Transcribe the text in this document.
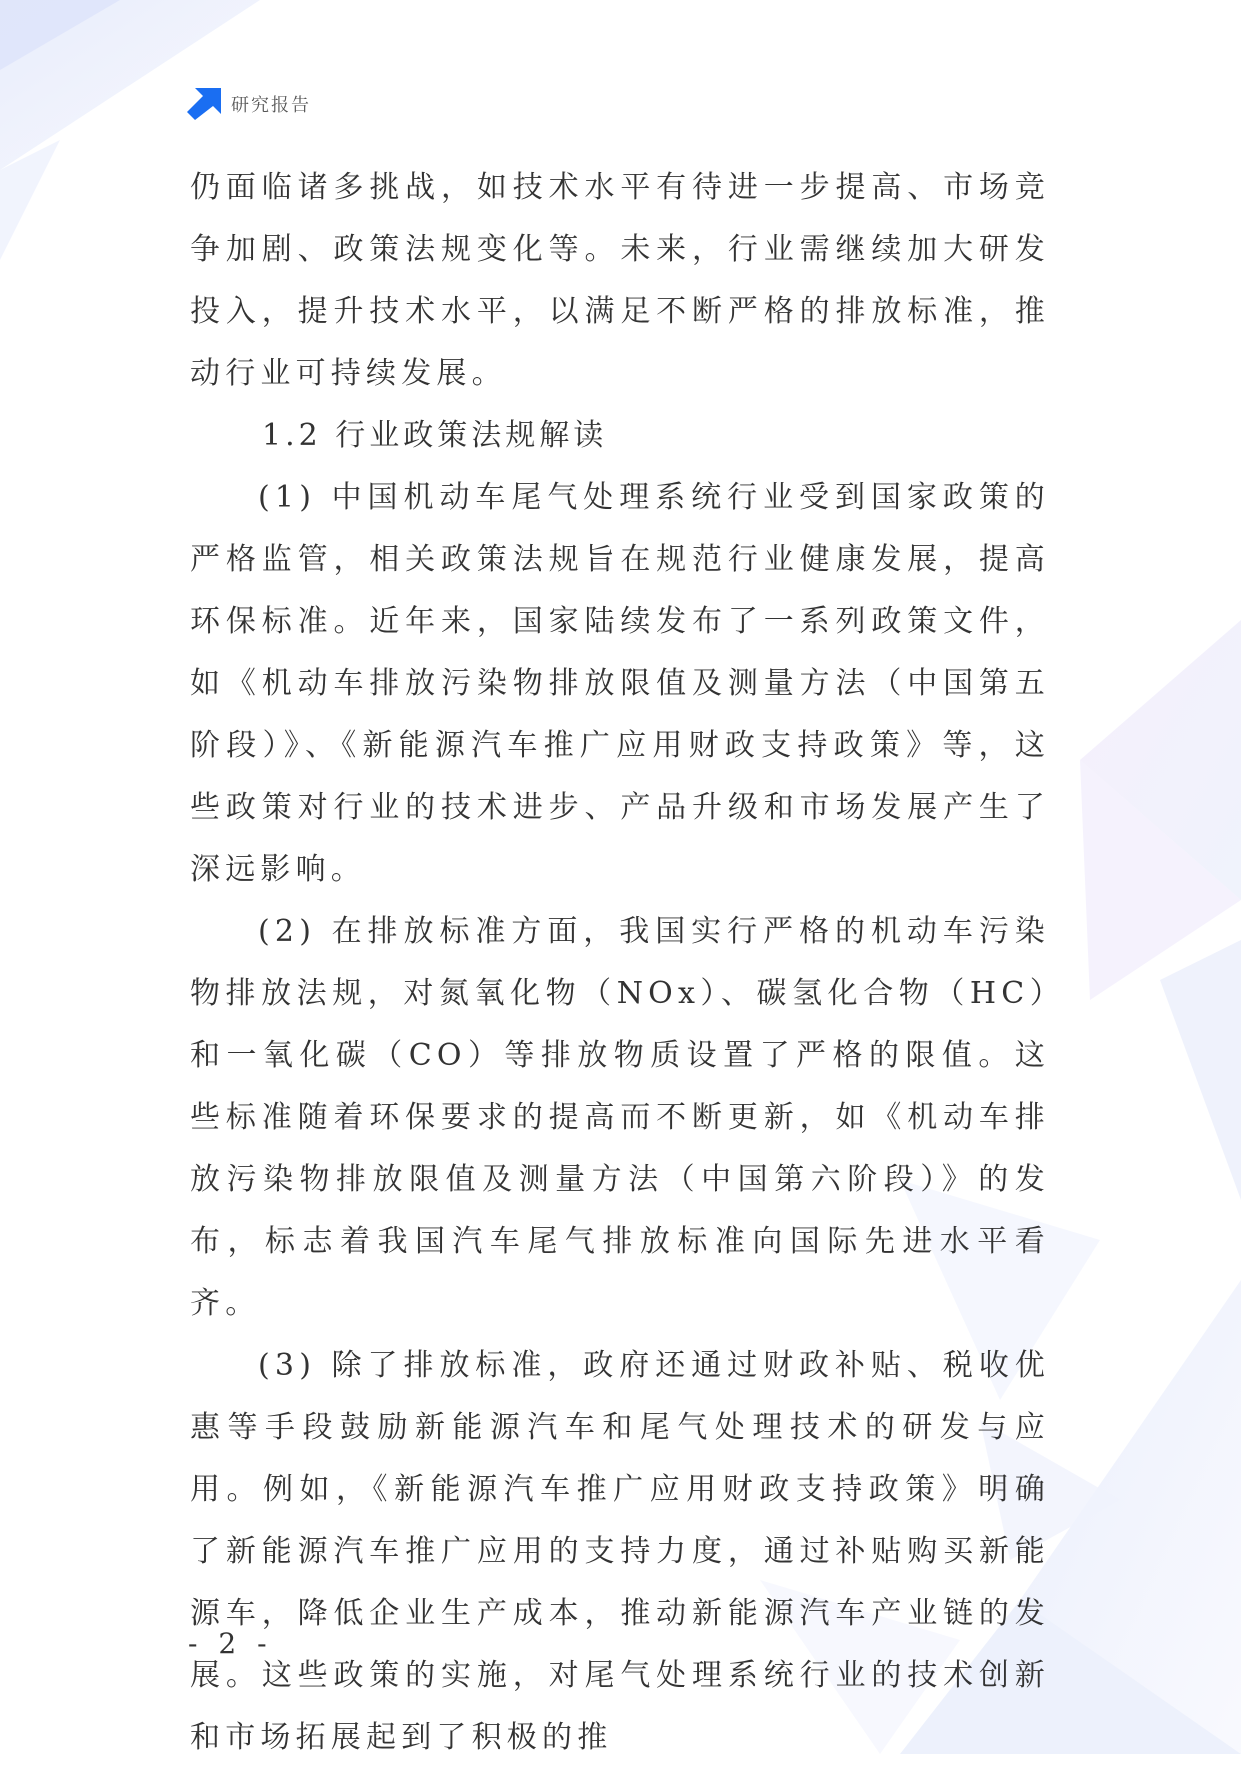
研究报告

仍面临诸多挑战，如技术水平有待进一步提高、市场竞争加剧、政策法规变化等。未来，行业需继续加大研发投入，提升技术水平，以满足不断严格的排放标准，推动行业可持续发展。

1.2 行业政策法规解读

(1) 中国机动车尾气处理系统行业受到国家政策的严格监管，相关政策法规旨在规范行业健康发展，提高环保标准。近年来，国家陆续发布了一系列政策文件，如《机动车排放污染物排放限值及测量方法（中国第五阶段）》、《新能源汽车推广应用财政支持政策》等，这些政策对行业的技术进步、产品升级和市场发展产生了深远影响。

(2) 在排放标准方面，我国实行严格的机动车污染物排放法规，对氮氧化物（NOx）、碳氢化合物（HC）和一氧化碳（CO）等排放物质设置了严格的限值。这些标准随着环保要求的提高而不断更新，如《机动车排放污染物排放限值及测量方法（中国第六阶段）》的发布，标志着我国汽车尾气排放标准向国际先进水平看齐。

(3) 除了排放标准，政府还通过财政补贴、税收优惠等手段鼓励新能源汽车和尾气处理技术的研发与应用。例如，《新能源汽车推广应用财政支持政策》明确了新能源汽车推广应用的支持力度，通过补贴购买新能源车，降低企业生产成本，推动新能源汽车产业链的发展。这些政策的实施，对尾气处理系统行业的技术创新和市场拓展起到了积极的推

- 2 -
